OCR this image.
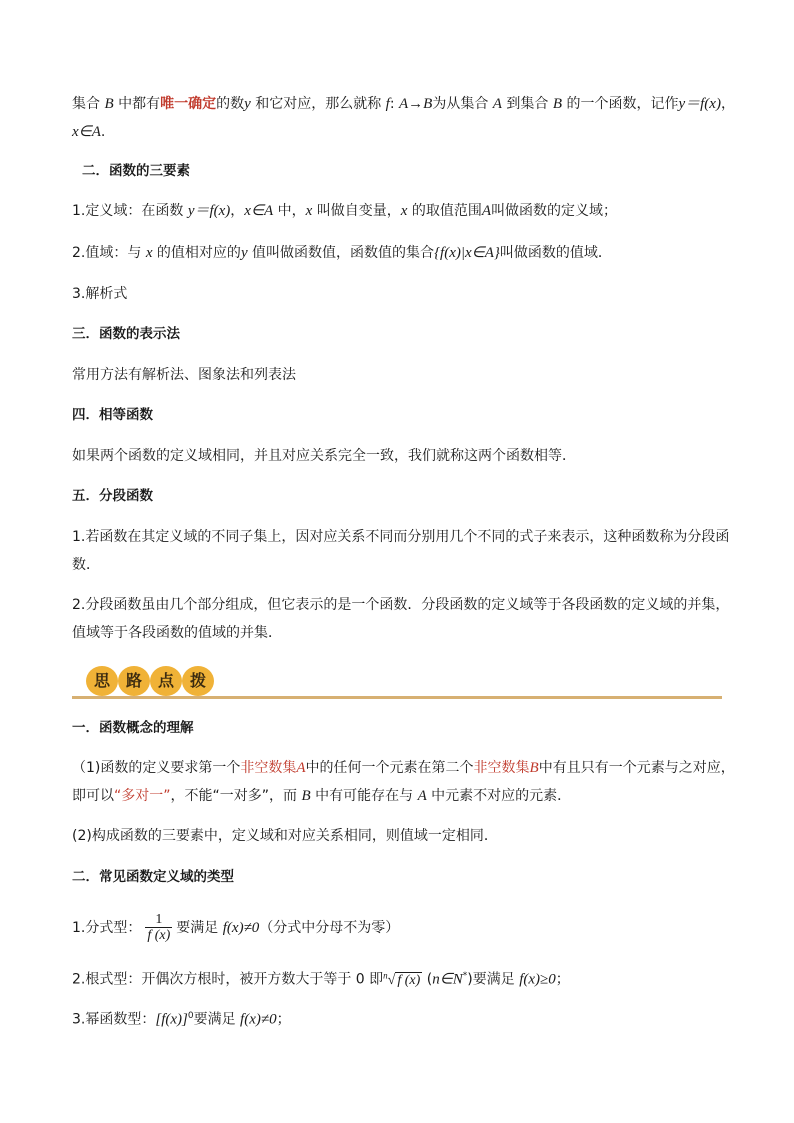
集合 B 中都有唯一确定的数y 和它对应，那么就称 f: A→B为从集合 A 到集合 B 的一个函数，记作y＝f(x)，
x∈A.
二．函数的三要素
1.定义域：在函数 y＝f(x)，x∈A 中，x 叫做自变量，x 的取值范围A叫做函数的定义域；
2.值域：与 x 的值相对应的y 值叫做函数值，函数值的集合{f(x)|x∈A}叫做函数的值域．
3.解析式
三．函数的表示法
常用方法有解析法、图象法和列表法
四．相等函数
如果两个函数的定义域相同，并且对应关系完全一致，我们就称这两个函数相等．
五．分段函数
1.若函数在其定义域的不同子集上，因对应关系不同而分别用几个不同的式子来表示，这种函数称为分段函
数．
2.分段函数虽由几个部分组成，但它表示的是一个函数．分段函数的定义域等于各段函数的定义域的并集，
值域等于各段函数的值域的并集．
思 路 点 拨
一．函数概念的理解
（1)函数的定义要求第一个非空数集A中的任何一个元素在第二个非空数集B中有且只有一个元素与之对应，
即可以“多对一”，不能“一对多”，而 B 中有可能存在与 A 中元素不对应的元素．
(2)构成函数的三要素中，定义域和对应关系相同，则值域一定相同．
二．常见函数定义域的类型
1.分式型： $\frac{1}{f (x)}$ 要满足 f(x)≠0（分式中分母不为零）
2.根式型：开偶次方根时，被开方数大于等于 0 即$^n$√ f (x) (n∈N*)要满足 f(x)≥0；
3.幂函数型：$[f(x)]^0$要满足 f(x)≠0；
